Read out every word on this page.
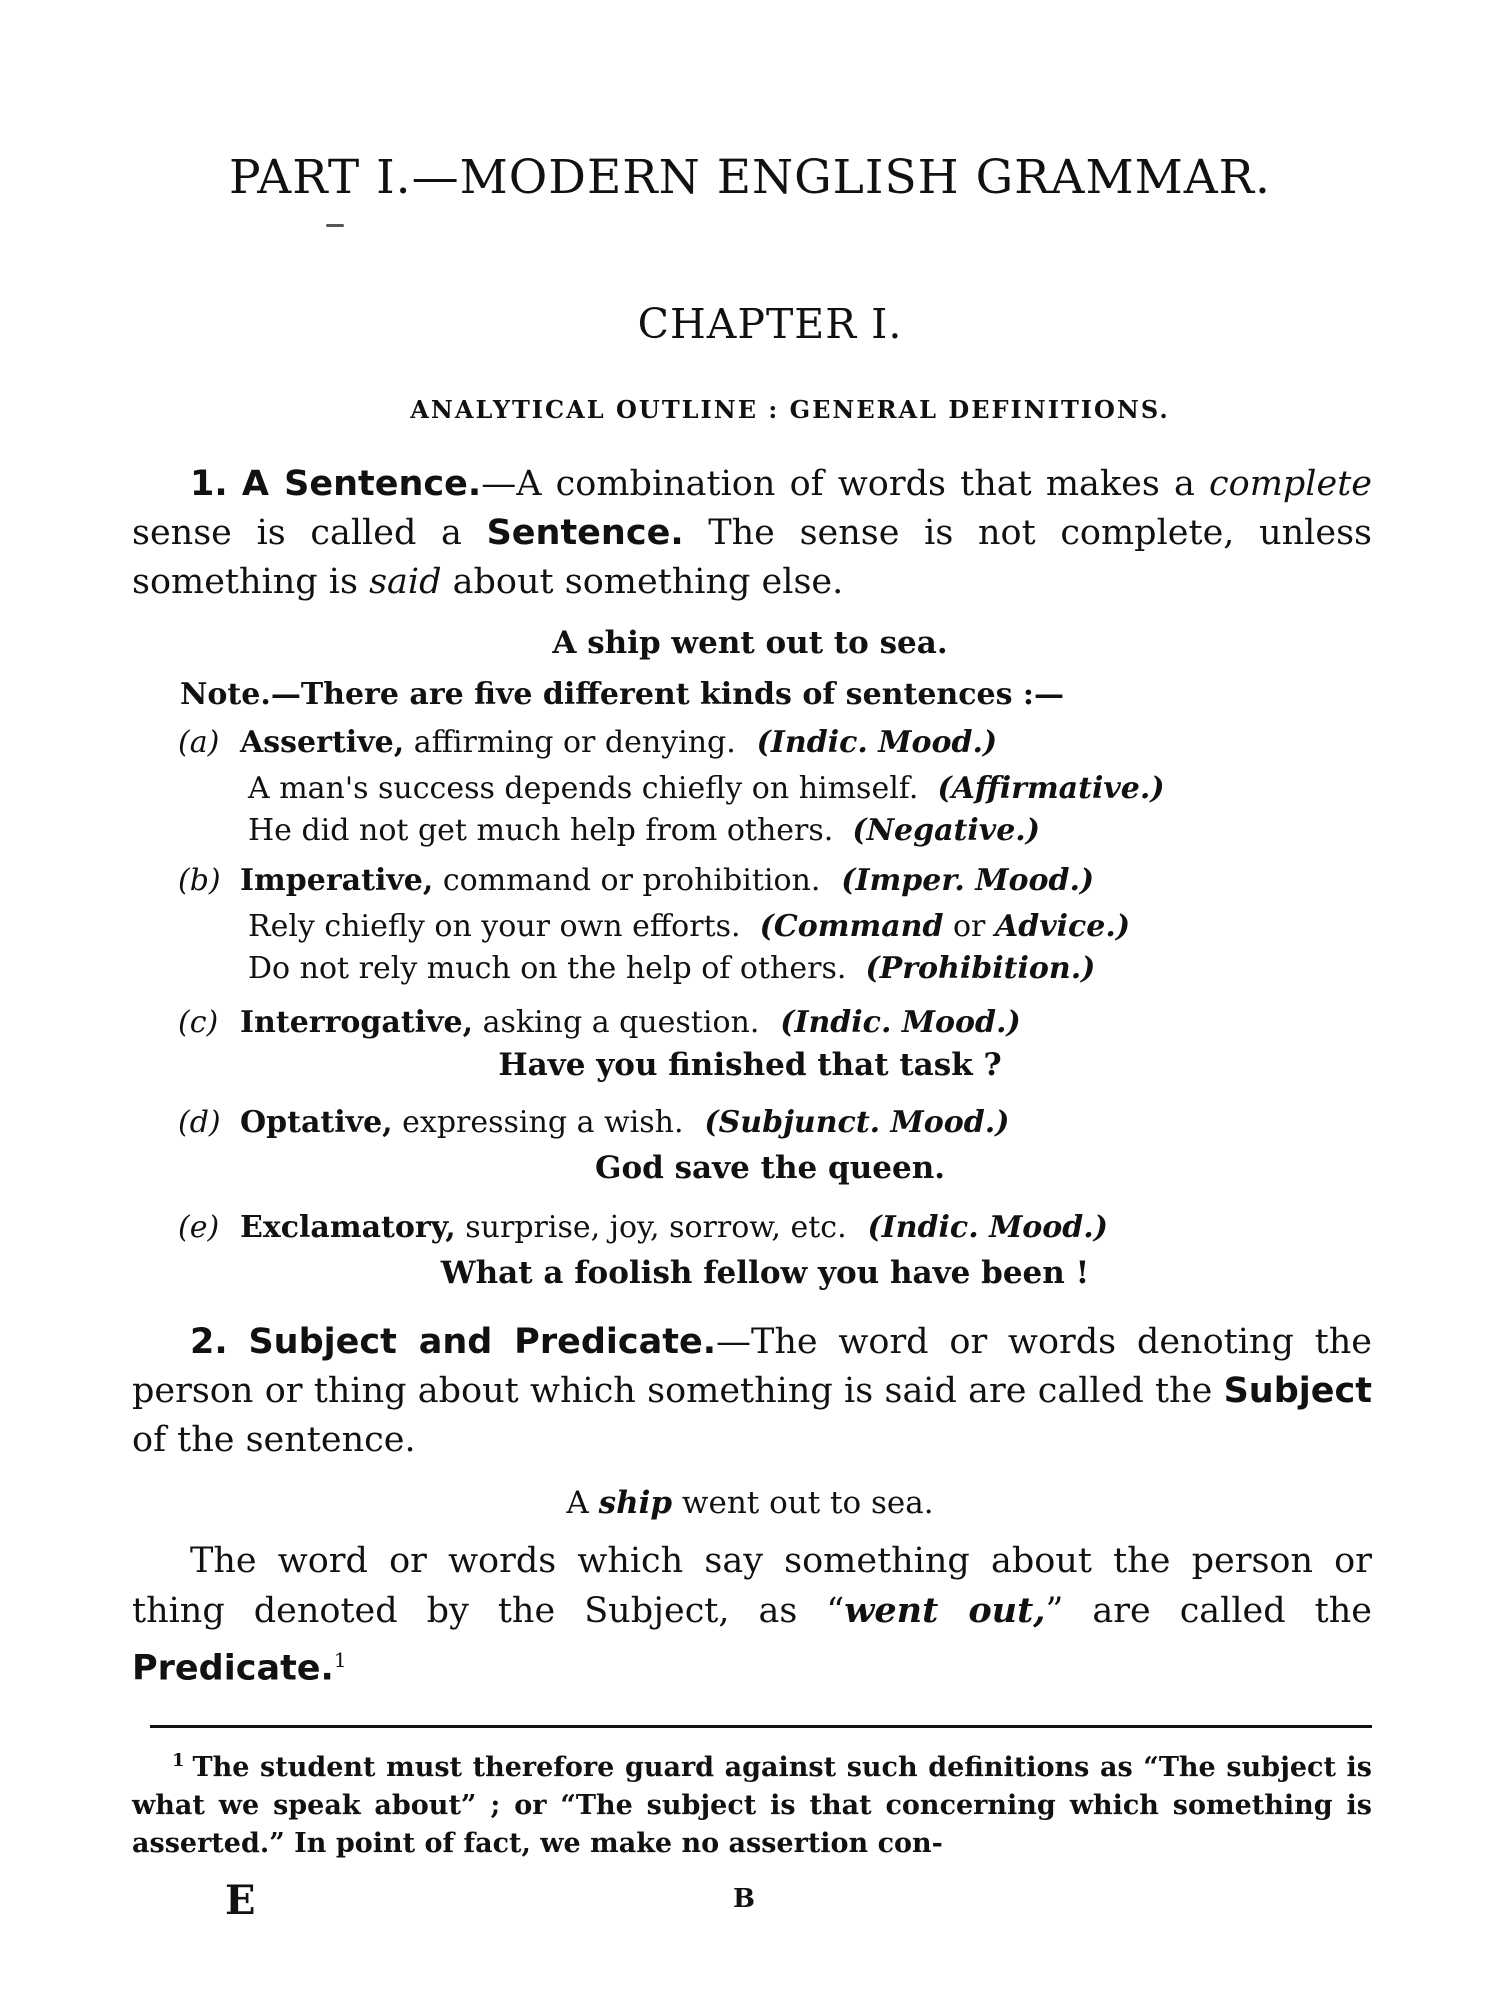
PART I.—MODERN ENGLISH GRAMMAR.
CHAPTER I.
ANALYTICAL OUTLINE : GENERAL DEFINITIONS.
1. A Sentence.—A combination of words that makes a complete sense is called a Sentence. The sense is not complete, unless something is said about something else.
A ship went out to sea.
Note.—There are five different kinds of sentences :—
(a) Assertive, affirming or denying. (Indic. Mood.)
A man's success depends chiefly on himself. (Affirmative.)
He did not get much help from others. (Negative.)
(b) Imperative, command or prohibition. (Imper. Mood.)
Rely chiefly on your own efforts. (Command or Advice.)
Do not rely much on the help of others. (Prohibition.)
(c) Interrogative, asking a question. (Indic. Mood.)
Have you finished that task ?
(d) Optative, expressing a wish. (Subjunct. Mood.)
God save the queen.
(e) Exclamatory, surprise, joy, sorrow, etc. (Indic. Mood.)
What a foolish fellow you have been !
2. Subject and Predicate.—The word or words denoting the person or thing about which something is said are called the Subject of the sentence.
A ship went out to sea.
The word or words which say something about the person or thing denoted by the Subject, as “went out,” are called the Predicate.$^1$
$^1$ The student must therefore guard against such definitions as “The subject is what we speak about” ; or “The subject is that concerning which something is asserted.” In point of fact, we make no assertion con-
E	B
